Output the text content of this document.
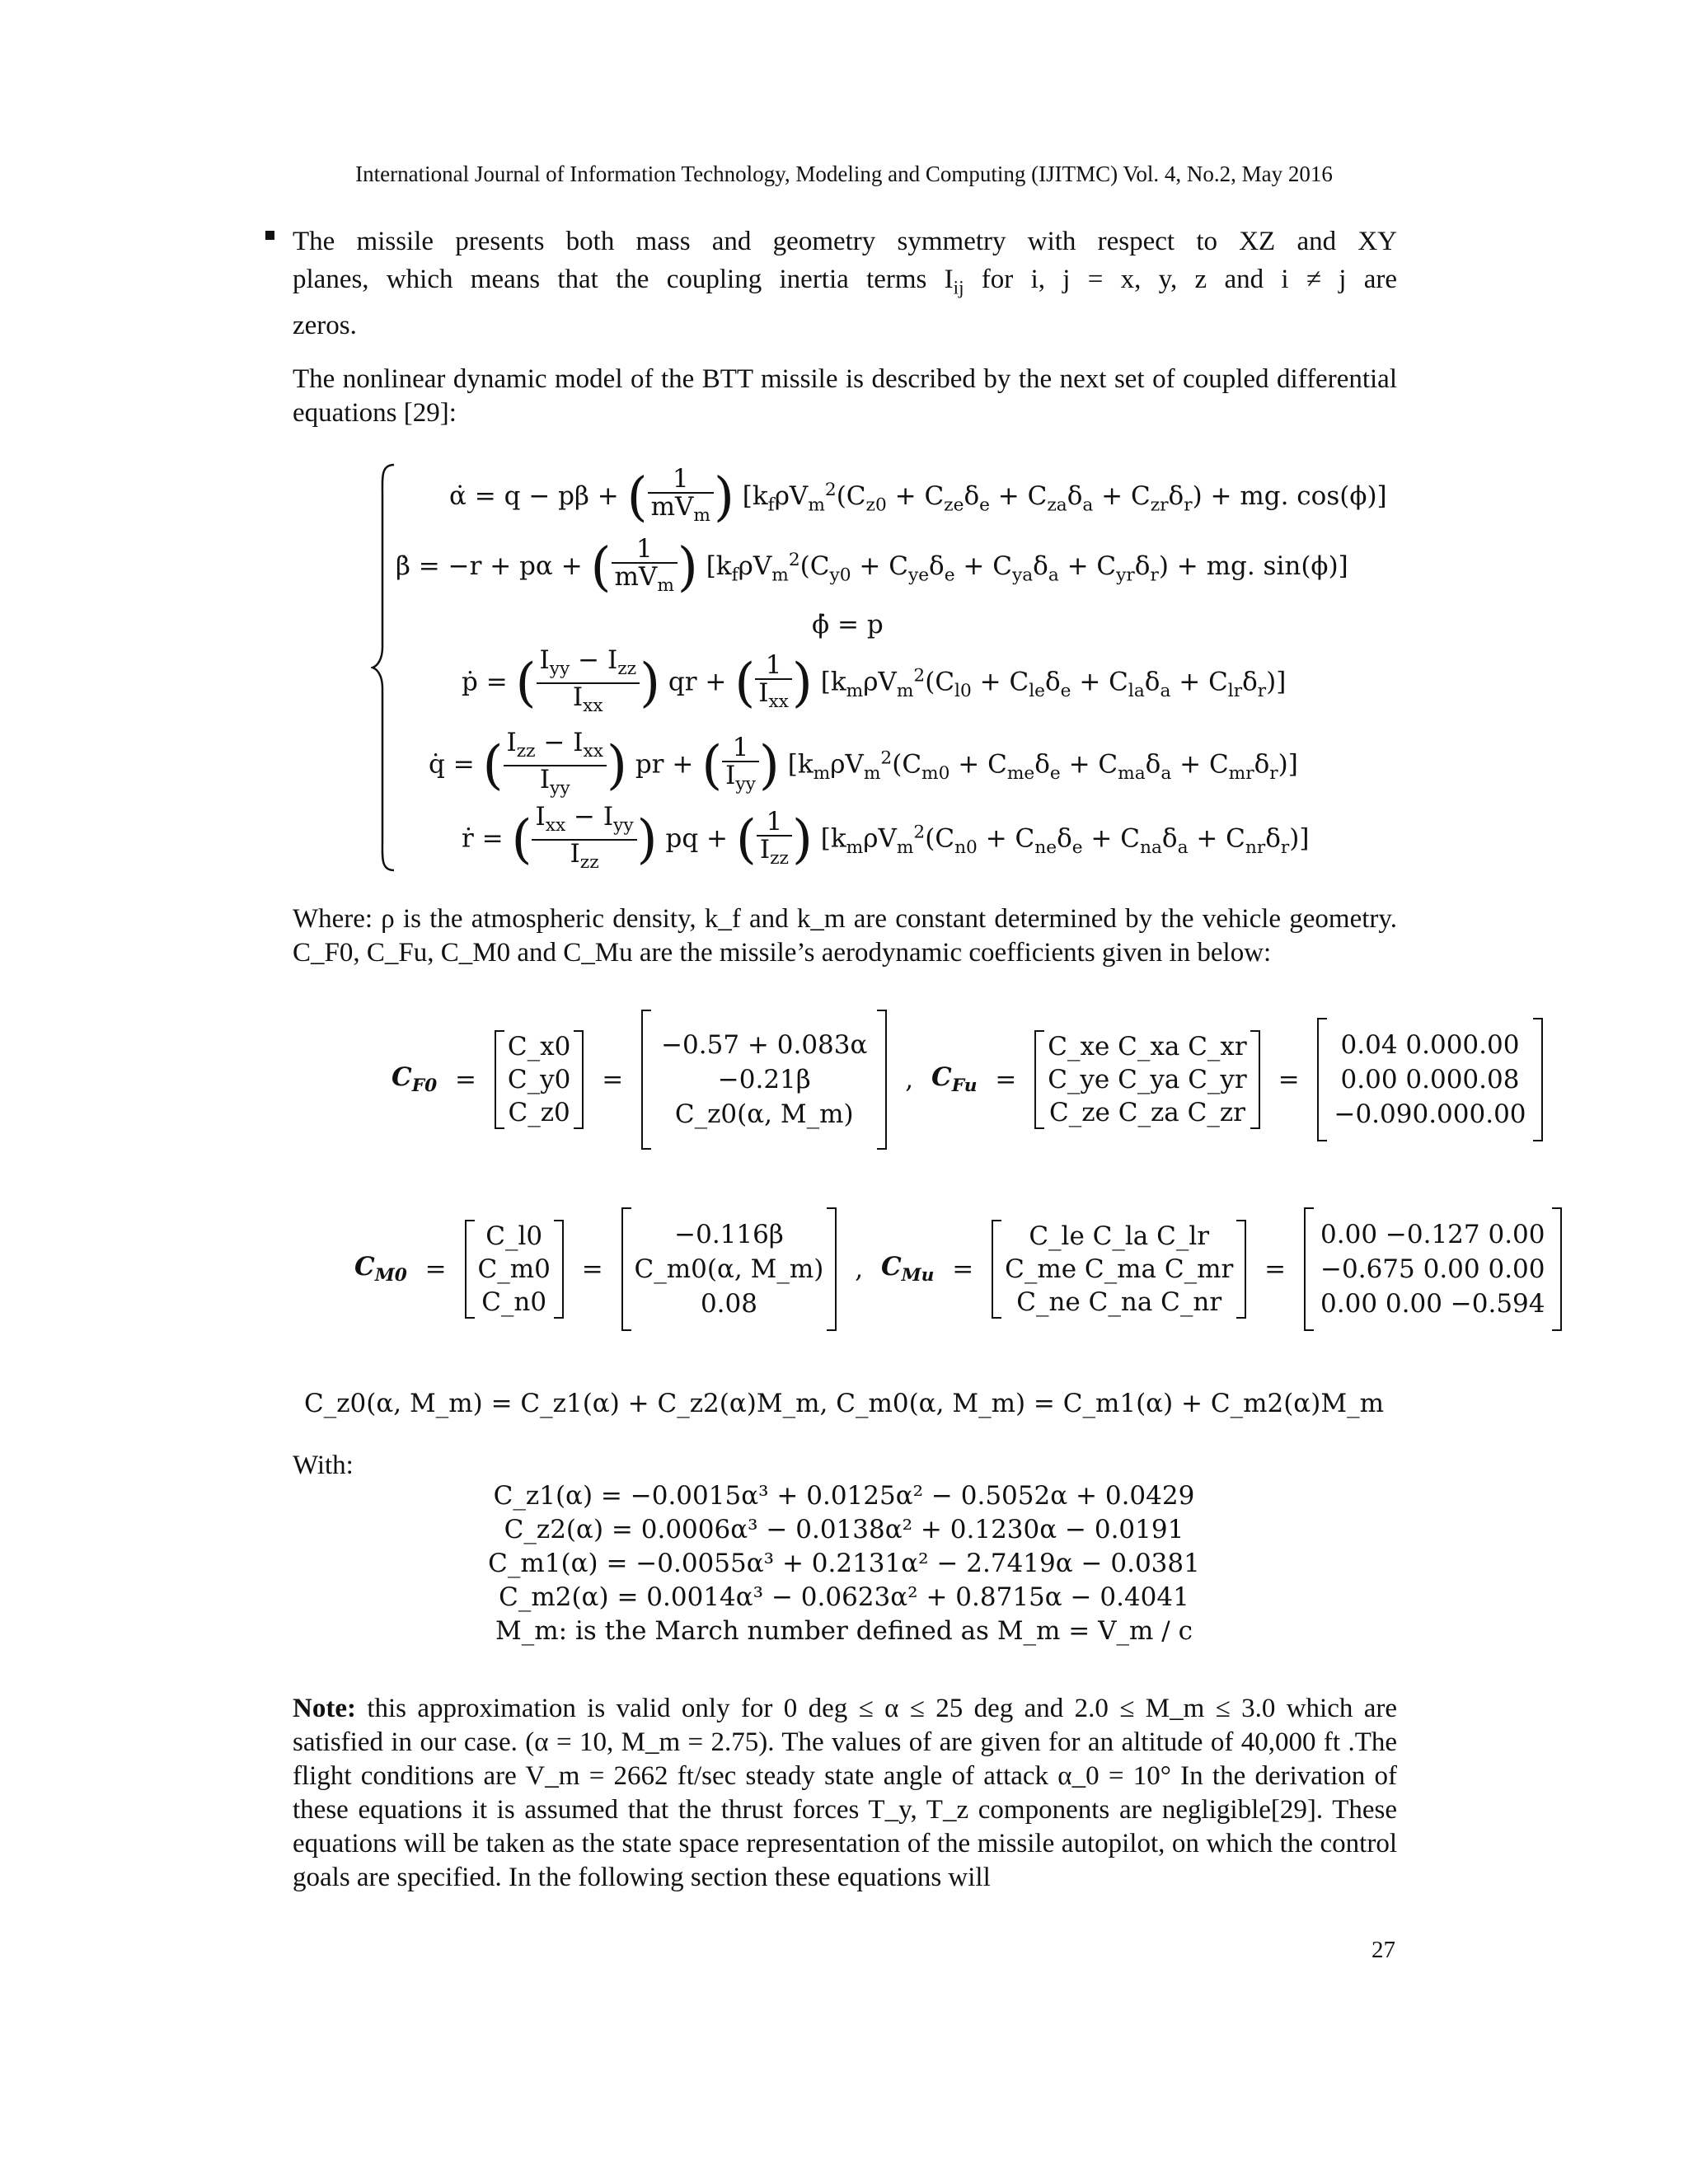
International Journal of Information Technology, Modeling and Computing (IJITMC) Vol. 4, No.2, May 2016
The missile presents both mass and geometry symmetry with respect to XZ and XY
planes, which means that the coupling inertia terms $I_{ij}$ for i, j = x, y, z and i ≠ j are
zeros.
The nonlinear dynamic model of the BTT missile is described by the next set of coupled differential equations [29]:
α̇ = q − pβ + ( $\frac{1}{mV_m}$ ) [$k_f\rho V_m^2(C_{z0} + C_{ze}\delta_e + C_{za}\delta_a + C_{zr}\delta_r)$ + mg. cos(ϕ)]
β̇ = −r + pα + ( $\frac{1}{mV_m}$ ) [$k_f\rho V_m^2(C_{y0} + C_{ye}\delta_e + C_{ya}\delta_a + C_{yr}\delta_r)$ + mg. sin(ϕ)]
ϕ̇ = p
ṗ = ( $\frac{I_{yy} - I_{zz}}{I_{xx}}$ ) qr + ( $\frac{1}{I_{xx}}$ ) $[k_m\rho V_m^2(C_{l0} + C_{le}\delta_e + C_{la}\delta_a + C_{lr}\delta_r)]$
q̇ = ( $\frac{I_{zz} - I_{xx}}{I_{yy}}$ ) pr + ( $\frac{1}{I_{yy}}$ ) $[k_m\rho V_m^2(C_{m0} + C_{me}\delta_e + C_{ma}\delta_a + C_{mr}\delta_r)]$
ṙ = ( $\frac{I_{xx} - I_{yy}}{I_{zz}}$ ) pq + ( $\frac{1}{I_{zz}}$ ) $[k_m\rho V_m^2(C_{n0} + C_{ne}\delta_e + C_{na}\delta_a + C_{nr}\delta_r)]$
Where: ρ is the atmospheric density, k_f and k_m are constant determined by the vehicle geometry.
C_F0, C_Fu, C_M0 and C_Mu are the missile’s aerodynamic coefficients given in below:
$C_{F0}$ =
C_x0
C_y0
C_z0
=
−0.57 + 0.083α
−0.21β
C_z0(α, M_m)
, $C_{Fu}$ =
C_xe C_xa C_xr
C_ye C_ya C_yr
C_ze C_za C_zr
=
0.04 0.000.00
0.00 0.000.08
−0.090.000.00
$C_{M0}$ =
C_l0
C_m0
C_n0
=
−0.116β
C_m0(α, M_m)
0.08
, $C_{Mu}$ =
C_le C_la C_lr
C_me C_ma C_mr
C_ne C_na C_nr
=
0.00 −0.127 0.00
−0.675 0.00 0.00
0.00 0.00 −0.594
C_z0(α, M_m) = C_z1(α) + C_z2(α)M_m, C_m0(α, M_m) = C_m1(α) + C_m2(α)M_m
With:
C_z1(α) = −0.0015α³ + 0.0125α² − 0.5052α + 0.0429
C_z2(α) = 0.0006α³ − 0.0138α² + 0.1230α − 0.0191
C_m1(α) = −0.0055α³ + 0.2131α² − 2.7419α − 0.0381
C_m2(α) = 0.0014α³ − 0.0623α² + 0.8715α − 0.4041
M_m: is the March number defined as M_m = V_m / c
Note: this approximation is valid only for 0 deg ≤ α ≤ 25 deg and 2.0 ≤ M_m ≤ 3.0 which are satisfied in our case. (α = 10, M_m = 2.75). The values of are given for an altitude of 40,000 ft .The flight conditions are V_m = 2662 ft/sec steady state angle of attack α_0 = 10° In the derivation of these equations it is assumed that the thrust forces T_y, T_z components are negligible[29]. These equations will be taken as the state space representation of the missile autopilot, on which the control goals are specified. In the following section these equations will
27
